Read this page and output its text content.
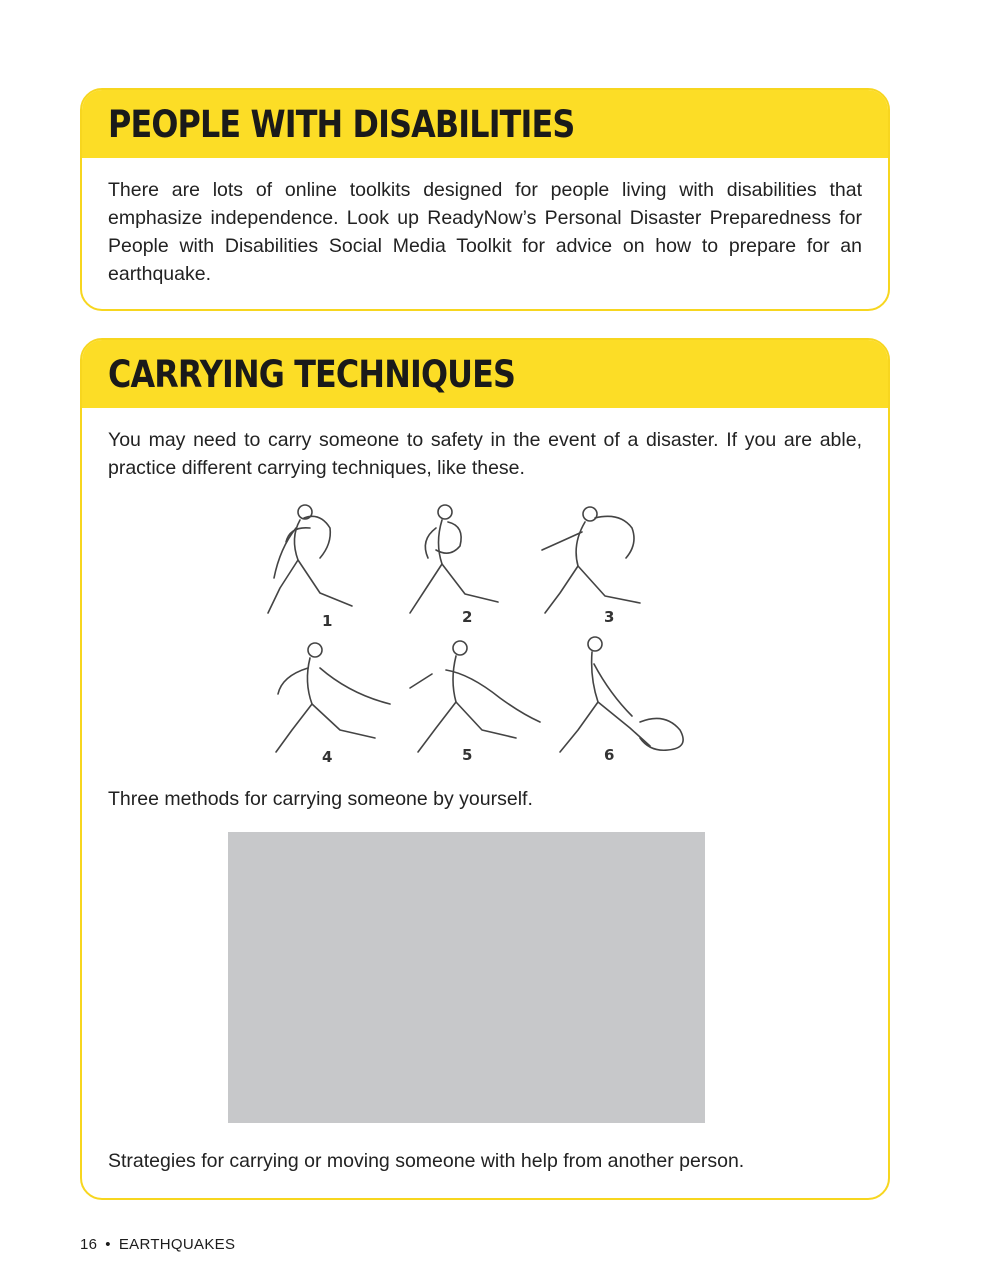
PEOPLE WITH DISABILITIES

There are lots of online toolkits designed for people living with disabilities that emphasize independence. Look up ReadyNow’s Personal Disaster Preparedness for People with Disabilities Social Media Toolkit for advice on how to prepare for an earthquake.

CARRYING TECHNIQUES

You may need to carry someone to safety in the event of a disaster. If you are able, practice different carrying techniques, like these.

1	2	3
4	5	6

Three methods for carrying someone by yourself.

Strategies for carrying or moving someone with help from another person.

16 • EARTHQUAKES
